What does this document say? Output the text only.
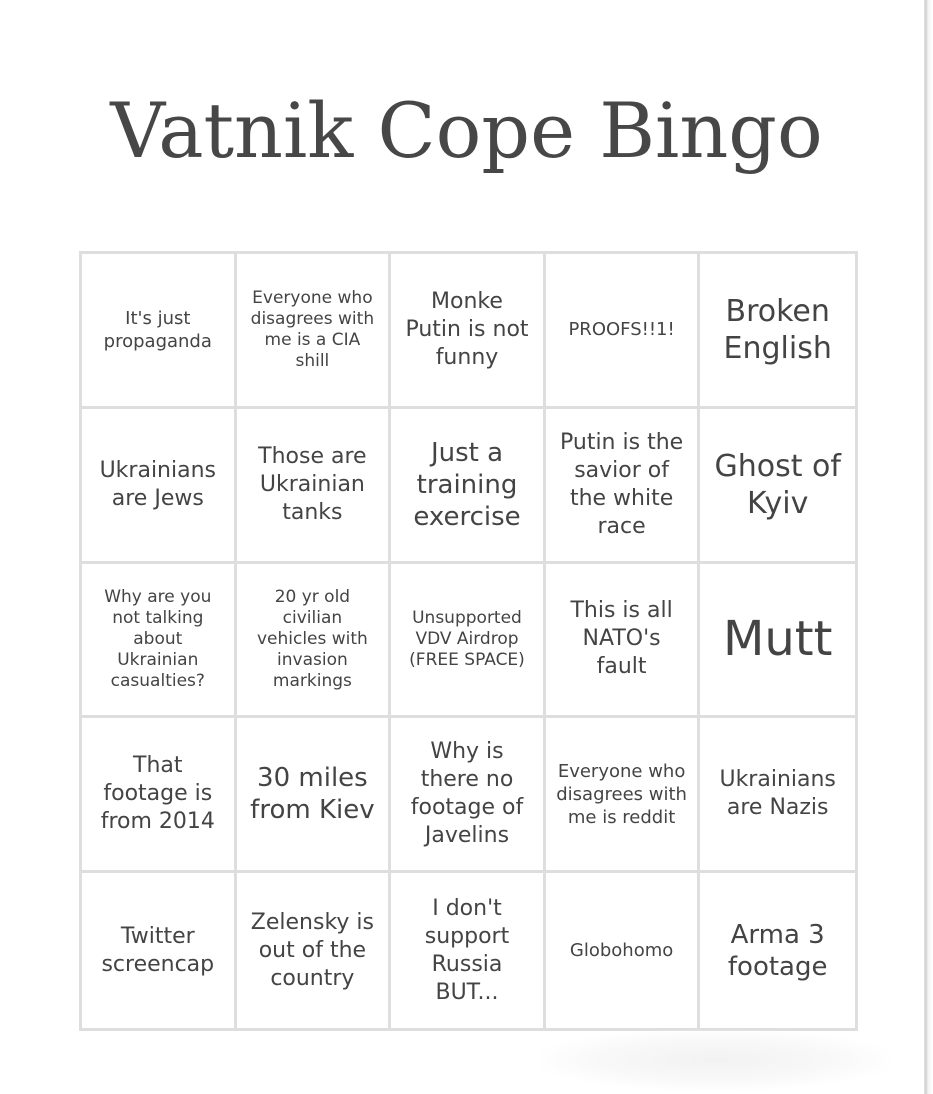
Vatnik Cope Bingo
It's just propaganda
Everyone who disagrees with me is a CIA shill
Monke Putin is not funny
PROOFS!!1!
Broken English
Ukrainians are Jews
Those are Ukrainian tanks
Just a training exercise
Putin is the savior of the white race
Ghost of Kyiv
Why are you not talking about Ukrainian casualties?
20 yr old civilian vehicles with invasion markings
Unsupported VDV Airdrop (FREE SPACE)
This is all NATO's fault	Mutt
That footage is from 2014
30 miles from Kiev
Why is there no footage of Javelins
Everyone who disagrees with me is reddit
Ukrainians are Nazis
Twitter screencap
Zelensky is out of the country
I don't support Russia BUT...
Globohomo
Arma 3 footage
